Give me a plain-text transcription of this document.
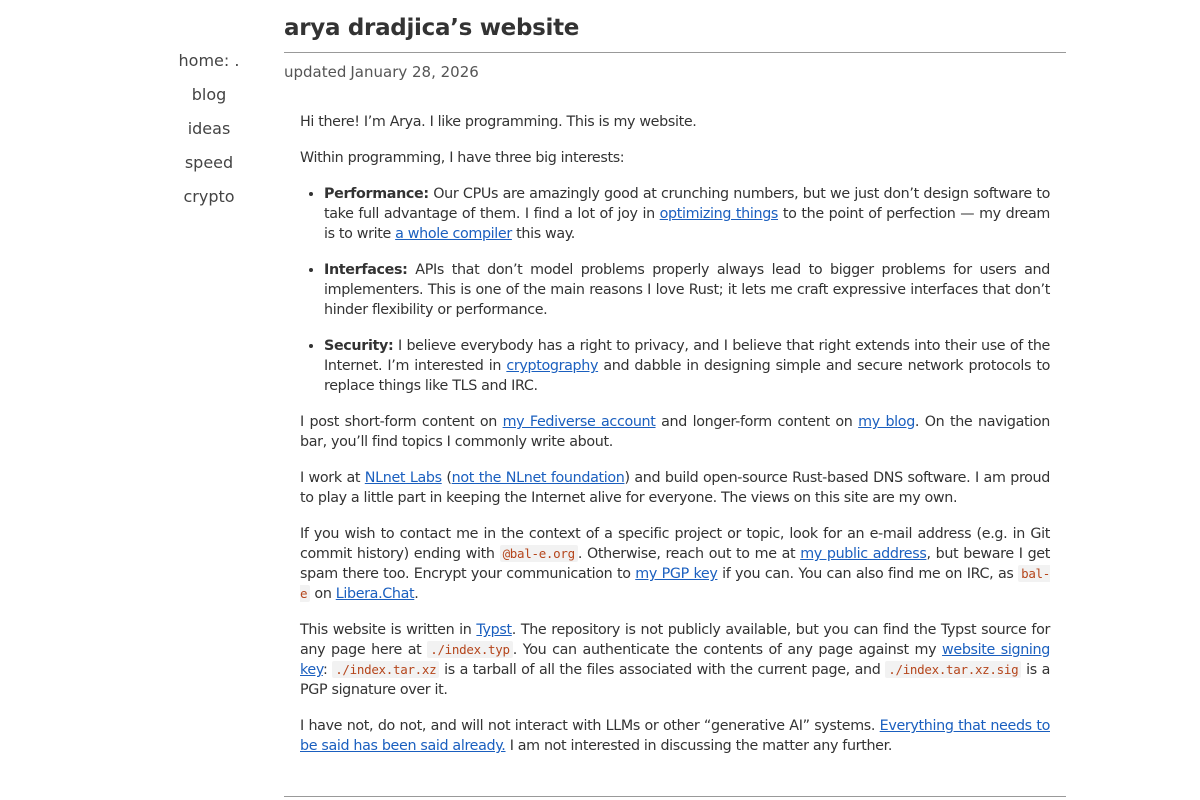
home: .
blog
ideas
speed
crypto
arya dradjica’s website
updated January 28, 2026

Hi there! I’m Arya. I like programming. This is my website.

Within programming, I have three big interests:

• Performance: Our CPUs are amazingly good at crunching numbers, but we just don’t design software to take full advantage of them. I find a lot of joy in optimizing things to the point of perfection — my dream is to write a whole compiler this way.
• Interfaces: APIs that don’t model problems properly always lead to bigger problems for users and implementers. This is one of the main reasons I love Rust; it lets me craft expressive interfaces that don’t hinder flexibility or performance.
• Security: I believe everybody has a right to privacy, and I believe that right extends into their use of the Internet. I’m interested in cryptography and dabble in designing simple and secure network protocols to replace things like TLS and IRC.

I post short-form content on my Fediverse account and longer-form content on my blog. On the navigation bar, you’ll find topics I commonly write about.

I work at NLnet Labs (not the NLnet foundation) and build open-source Rust-based DNS software. I am proud to play a little part in keeping the Internet alive for everyone. The views on this site are my own.

If you wish to contact me in the context of a specific project or topic, look for an e-mail address (e.g. in Git commit history) ending with @bal-e.org . Otherwise, reach out to me at my public address, but beware I get spam there too. Encrypt your communication to my PGP key if you can. You can also find me on IRC, as bal-e on Libera.Chat.

This website is written in Typst. The repository is not publicly available, but you can find the Typst source for any page here at ./index.typ . You can authenticate the contents of any page against my website signing key: ./index.tar.xz is a tarball of all the files associated with the current page, and ./index.tar.xz.sig is a PGP signature over it.

I have not, do not, and will not interact with LLMs or other “generative AI” systems. Everything that needs to be said has been said already. I am not interested in discussing the matter any further.
